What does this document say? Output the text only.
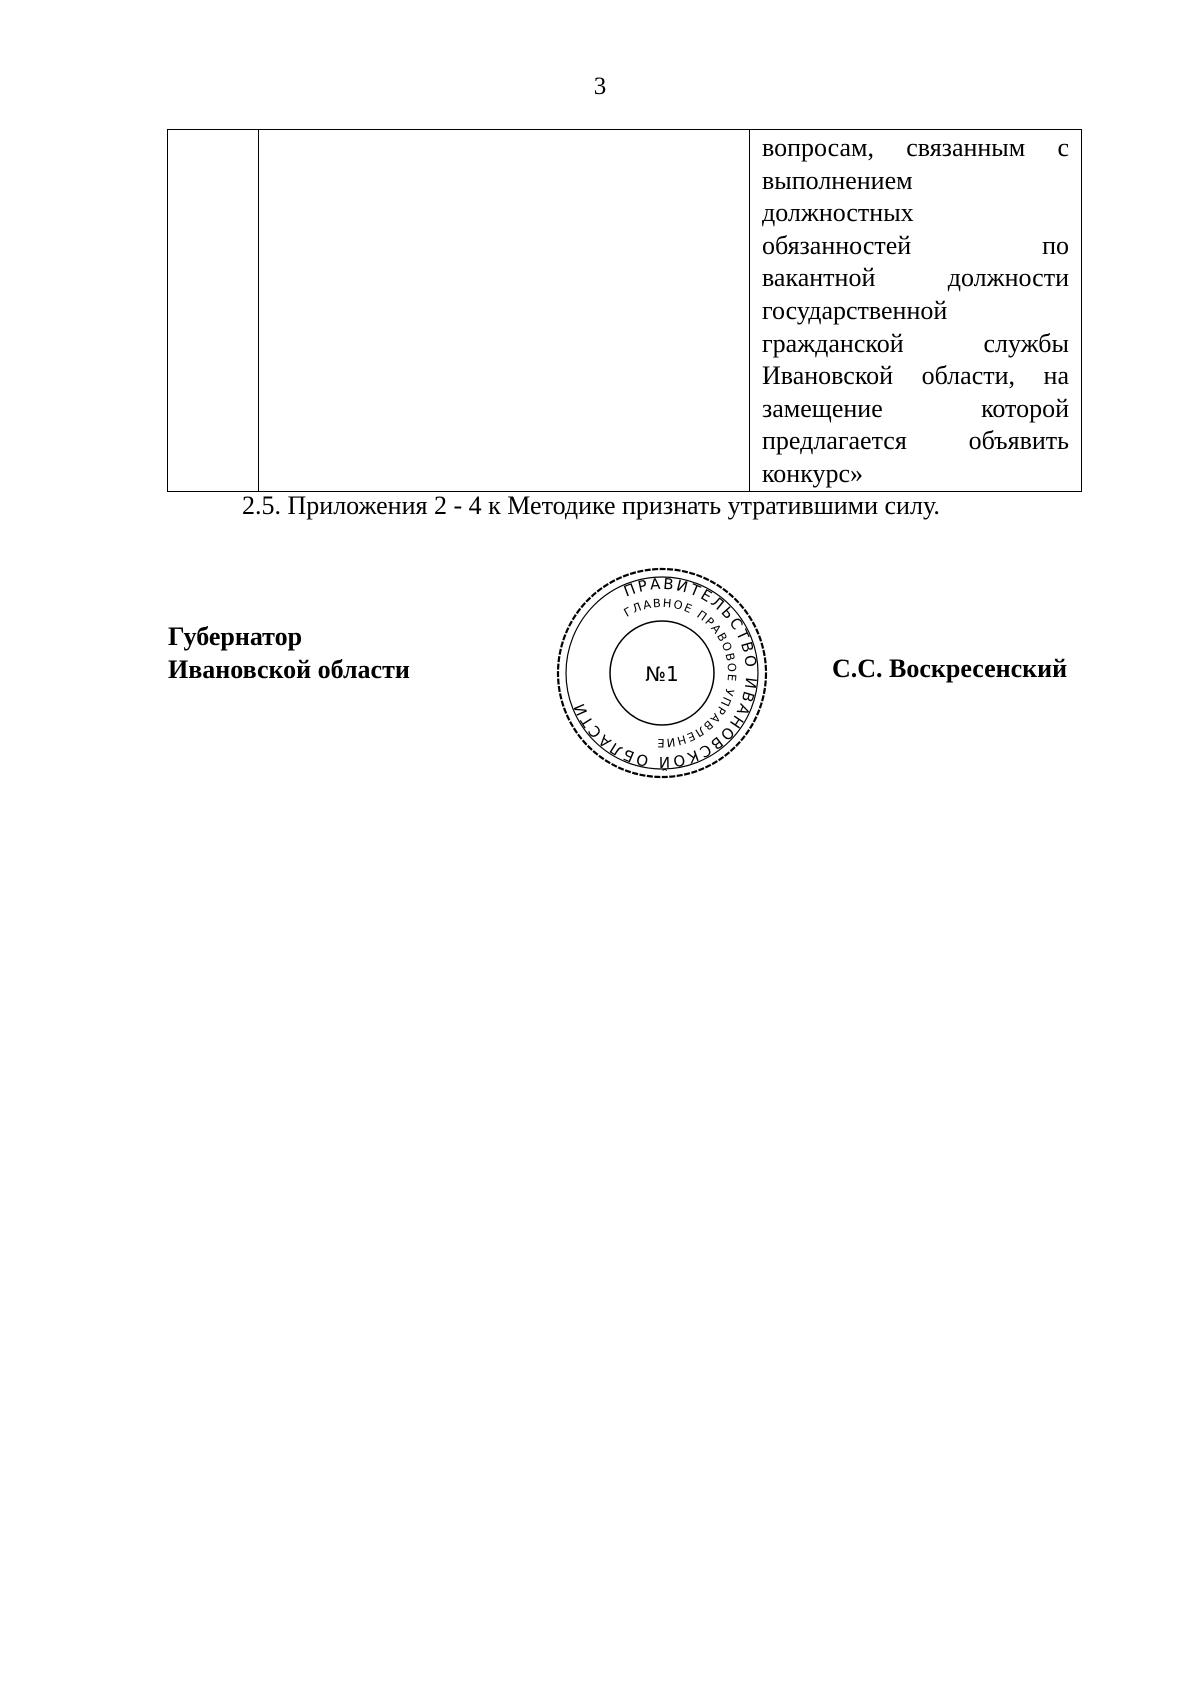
3

вопросам, связанным с
выполнением
должностных
обязанностей по
вакантной должности
государственной
гражданской службы
Ивановской области, на
замещение которой
предлагается объявить
конкурс»
2.5. Приложения 2 - 4 к Методике признать утратившими силу.
Губернатор
Ивановской области
ПРАВИТЕЛЬСТВО ИВАНОВСКОЙ ОБЛАСТИ
ГЛАВНОЕ ПРАВОВОЕ УПРАВЛЕНИЕ
№1	С.С. Воскресенский
